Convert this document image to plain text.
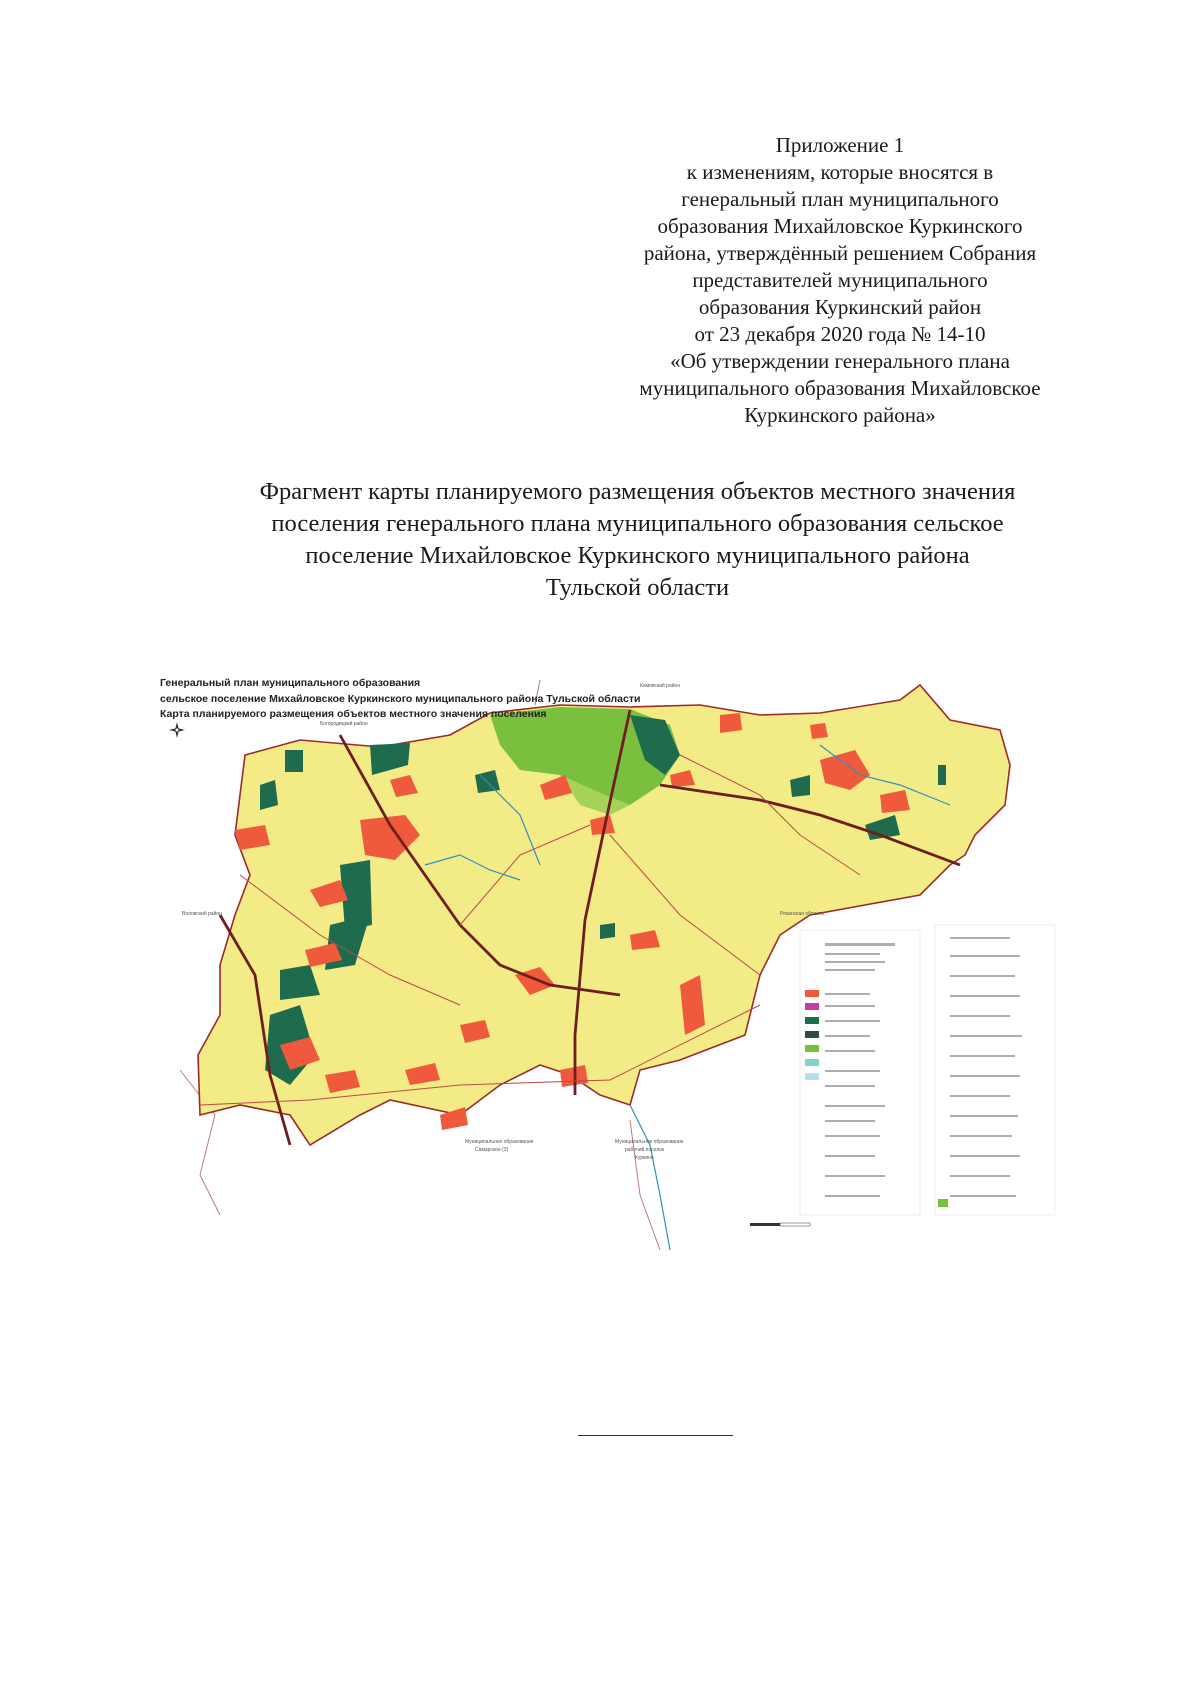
Приложение 1
к изменениям, которые вносятся в
генеральный план муниципального
образования Михайловское Куркинского
района, утверждённый решением Собрания
представителей муниципального
образования Куркинский район
от 23 декабря 2020 года № 14-10
«Об утверждении генерального плана
муниципального образования Михайловское
Куркинского района»
Фрагмент карты планируемого размещения объектов местного значения
поселения генерального плана муниципального образования сельское
поселение Михайловское Куркинского муниципального района
Тульской области
Богородицкий район
Кимовский район
Воловский район	Рязанская область
Муниципальное образование
Самарское (3)
Муниципальное образование
рабочий поселок
Куркино
Генеральный план муниципального образования
сельское поселение Михайловское Куркинского муниципального района Тульской области
Карта планируемого размещения объектов местного значения поселения
